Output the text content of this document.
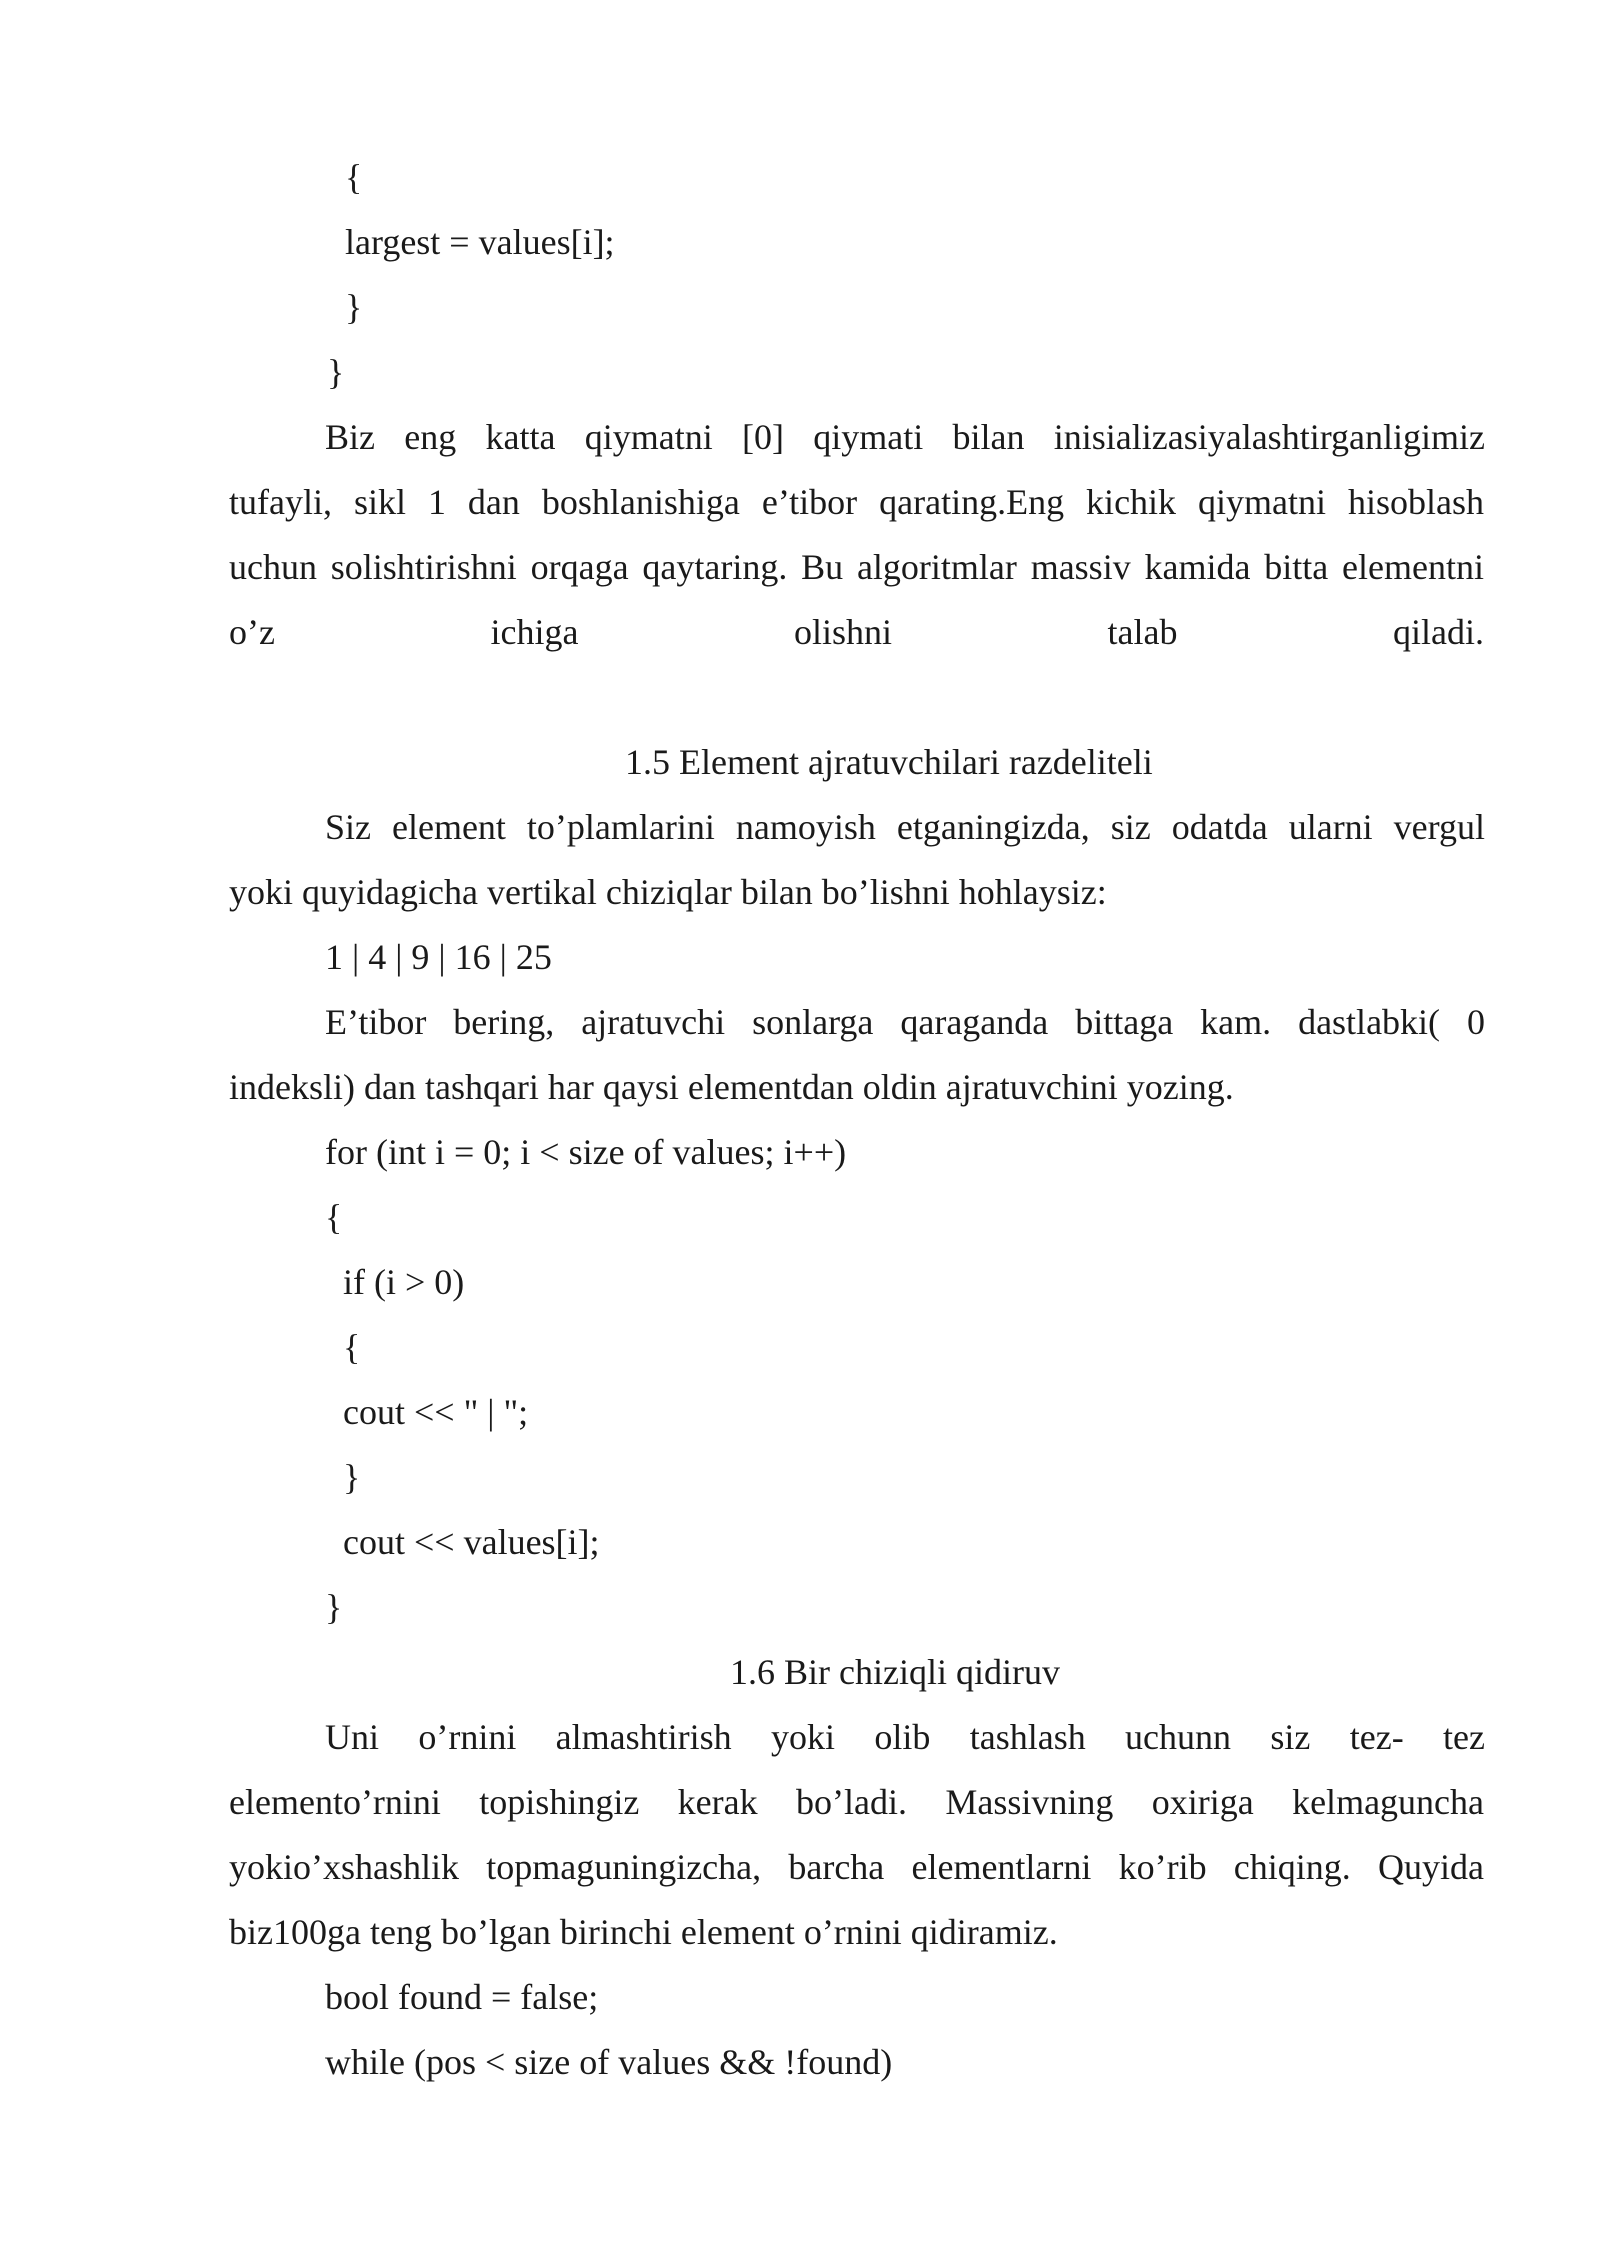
{

largest = values[i];

}

}

Biz eng katta qiymatni [0] qiymati bilan inisializasiyalashtirganligimiz

tufayli, sikl 1 dan boshlanishiga e’tibor qarating.Eng kichik qiymatni hisoblash

uchun solishtirishni orqaga qaytaring. Bu algoritmlar massiv kamida bitta elementni

o’z ichiga olishni talab qiladi.

1.5 Element ajratuvchilari razdeliteli

Siz element to’plamlarini namoyish etganingizda, siz odatda ularni vergul

yoki quyidagicha vertikal chiziqlar bilan bo’lishni hohlaysiz:

1 | 4 | 9 | 16 | 25

E’tibor bering, ajratuvchi sonlarga qaraganda bittaga kam. dastlabki( 0

indeksli) dan tashqari har qaysi elementdan oldin ajratuvchini yozing.

for (int i = 0; i < size of values; i++)

{

if (i > 0)

{

cout << " | ";

}

cout << values[i];

}

1.6 Bir chiziqli qidiruv

Uni o’rnini almashtirish yoki olib tashlash uchunn siz tez- tez

elemento’rnini topishingiz kerak bo’ladi. Massivning oxiriga kelmaguncha

yokio’xshashlik topmaguningizcha, barcha elementlarni ko’rib chiqing. Quyida

biz100ga teng bo’lgan birinchi element o’rnini qidiramiz.

bool found = false;

while (pos < size of values && !found)
